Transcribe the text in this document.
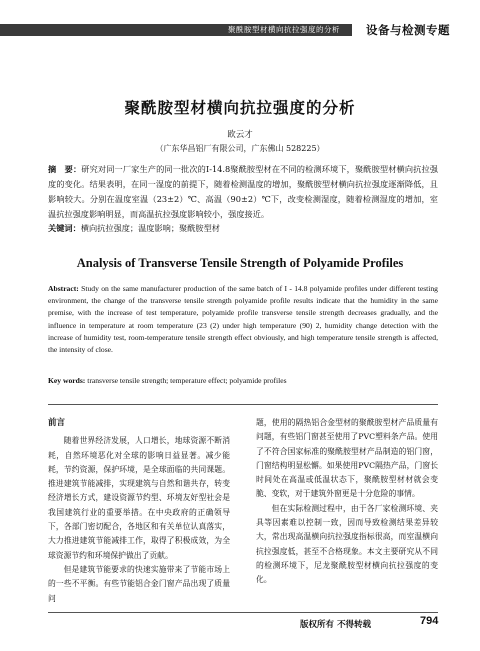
聚酰胺型材横向抗拉强度的分析 设备与检测专题
聚酰胺型材横向抗拉强度的分析
欧云才
（广东华昌铝厂有限公司，广东佛山 528225）
摘　要：研究对同一厂家生产的同一批次的I-14.8聚酰胺型材在不同的检测环境下，聚酰胺型材横向抗拉强度的变化。结果表明，在同一湿度的前提下，随着检测温度的增加，聚酰胺型材横向抗拉强度逐渐降低，且影响较大。分别在温度室温（23±2）℃、高温（90±2）℃下，改变检测湿度，随着检测湿度的增加，室温抗拉强度影响明显，而高温抗拉强度影响较小，强度接近。
关键词：横向抗拉强度；温度影响；聚酰胺型材
Analysis of Transverse Tensile Strength of Polyamide Profiles
Abstract: Study on the same manufacturer production of the same batch of I - 14.8 polyamide profiles under different testing environment, the change of the transverse tensile strength polyamide profile results indicate that the humidity in the same premise, with the increase of test temperature, polyamide profile transverse tensile strength decreases gradually, and the influence in temperature at room temperature (23 (2) under high temperature (90) 2, humidity change detection with the increase of humidity test, room-temperature tensile strength effect obviously, and high temperature tensile strength is affected, the intensity of close.
Key words: transverse tensile strength; temperature effect; polyamide profiles
前言

随着世界经济发展，人口增长，地球资源不断消耗，自然环境恶化对全球的影响日益显著。减少能耗，节约资源，保护环境，是全球面临的共同课题。推进建筑节能减排，实现建筑与自然和谐共存，转变经济增长方式，建设资源节约型、环境友好型社会是我国建筑行业的重要举措。在中央政府的正确领导下，各部门密切配合，各地区和有关单位认真落实，大力推进建筑节能减排工作，取得了积极成效，为全球资源节约和环境保护做出了贡献。

但是建筑节能要求的快速实施带来了节能市场上的一些不平衡。有些节能铝合金门窗产品出现了质量问

题，使用的隔热铝合金型材的聚酰胺型材产品质量有问题，有些铝门窗甚至使用了PVC塑料条产品。使用了不符合国家标准的聚酰胺型材产品制造的铝门窗，门窗结构明显松懈。如果使用PVC隔热产品，门窗长时间处在高温或低温状态下，聚酰胺型材材就会变脆、变软，对于建筑外窗更是十分危险的事情。

但在实际检测过程中，由于各厂家检测环境、夹具等因素难以控制一致，因而导致检测结果差异较大，常出现高温横向抗拉强度指标很高，而室温横向抗拉强度低，甚至不合格现象。本文主要研究从不同的检测环境下，尼龙聚酰胺型材横向抗拉强度的变化。

版权所有 不得转载	794
